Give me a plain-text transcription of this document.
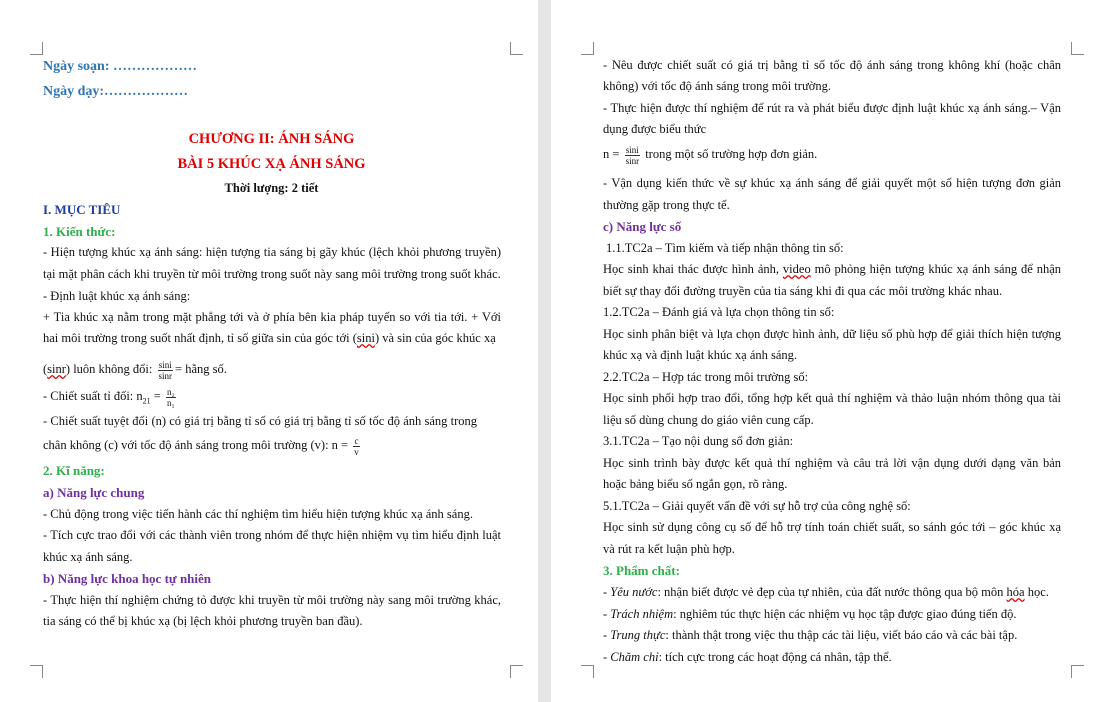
Ngày soạn: ………………
Ngày dạy:………………
CHƯƠNG II: ÁNH SÁNG
BÀI 5 KHÚC XẠ ÁNH SÁNG
Thời lượng: 2 tiết
I. MỤC TIÊU
1. Kiến thức:
- Hiện tượng khúc xạ ánh sáng: hiện tượng tia sáng bị gãy khúc (lệch khỏi phương truyền)
tại mặt phân cách khi truyền từ môi trường trong suốt này sang môi trường trong suốt khác.
- Định luật khúc xạ ánh sáng:
+ Tia khúc xạ nằm trong mặt phẳng tới và ở phía bên kia pháp tuyến so với tia tới. + Với
hai môi trường trong suốt nhất định, tỉ số giữa sin của góc tới (sini) và sin của góc khúc xạ
(sinr) luôn không đổi: $\frac{\sin i}{\sin r}$ = hằng số.
- Chiết suất tỉ đối: $n_{21} = \frac{\text{n₂}}{\text{n₁}}$
- Chiết suất tuyệt đối (n) có giá trị bằng tỉ số có giá trị bằng tỉ số tốc độ ánh sáng trong
chân không (c) với tốc độ ánh sáng trong môi trường (v): $n = \frac{c}{v}$
2. Kĩ năng:
a) Năng lực chung
- Chủ động trong việc tiến hành các thí nghiệm tìm hiểu hiện tượng khúc xạ ánh sáng.
- Tích cực trao đổi với các thành viên trong nhóm để thực hiện nhiệm vụ tìm hiểu định luật
khúc xạ ánh sáng.
b) Năng lực khoa học tự nhiên
- Thực hiện thí nghiệm chứng tỏ được khi truyền từ môi trường này sang môi trường khác,
tia sáng có thể bị khúc xạ (bị lệch khỏi phương truyền ban đầu).
- Nêu được chiết suất có giá trị bằng tỉ số tốc độ ánh sáng trong không khí (hoặc chân
không) với tốc độ ánh sáng trong môi trường.
- Thực hiện được thí nghiệm để rút ra và phát biểu được định luật khúc xạ ánh sáng.– Vận
dụng được biểu thức
$n = \frac{\sin i}{\sin r}$ trong một số trường hợp đơn giản.
- Vận dụng kiến thức về sự khúc xạ ánh sáng để giải quyết một số hiện tượng đơn giản
thường gặp trong thực tế.
c) Năng lực số
1.1.TC2a – Tìm kiếm và tiếp nhận thông tin số:
Học sinh khai thác được hình ảnh, video mô phỏng hiện tượng khúc xạ ánh sáng để nhận
biết sự thay đổi đường truyền của tia sáng khi đi qua các môi trường khác nhau.
1.2.TC2a – Đánh giá và lựa chọn thông tin số:
Học sinh phân biệt và lựa chọn được hình ảnh, dữ liệu số phù hợp để giải thích hiện tượng
khúc xạ và định luật khúc xạ ánh sáng.
2.2.TC2a – Hợp tác trong môi trường số:
Học sinh phối hợp trao đổi, tổng hợp kết quả thí nghiệm và thảo luận nhóm thông qua tài
liệu số dùng chung do giáo viên cung cấp.
3.1.TC2a – Tạo nội dung số đơn giản:
Học sinh trình bày được kết quả thí nghiệm và câu trả lời vận dụng dưới dạng văn bản
hoặc bảng biểu số ngắn gọn, rõ ràng.
5.1.TC2a – Giải quyết vấn đề với sự hỗ trợ của công nghệ số:
Học sinh sử dụng công cụ số để hỗ trợ tính toán chiết suất, so sánh góc tới – góc khúc xạ
và rút ra kết luận phù hợp.
3. Phẩm chất:
- Yêu nước: nhận biết được vẻ đẹp của tự nhiên, của đất nước thông qua bộ môn hóa học.
- Trách nhiệm: nghiêm túc thực hiện các nhiệm vụ học tập được giao đúng tiến độ.
- Trung thực: thành thật trong việc thu thập các tài liệu, viết báo cáo và các bài tập.
- Chăm chỉ: tích cực trong các hoạt động cá nhân, tập thể.
